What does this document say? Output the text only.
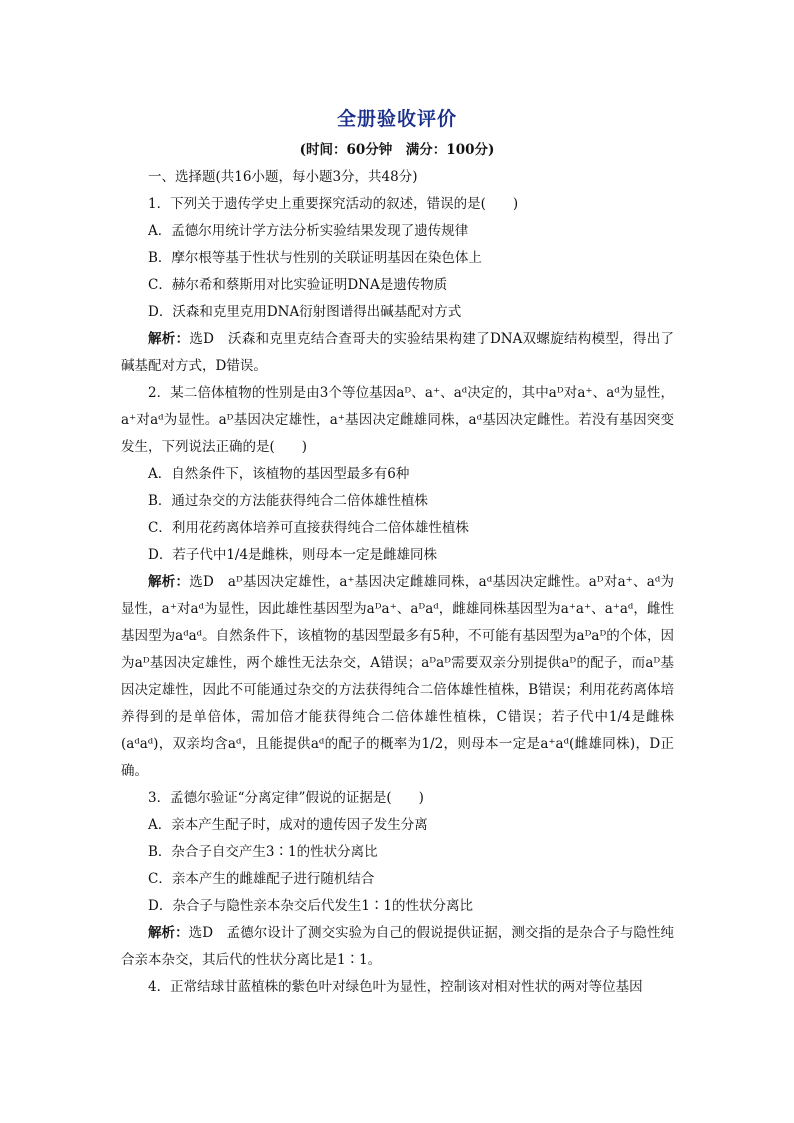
全册验收评价
(时间：60分钟　满分：100分)

一、选择题(共16小题，每小题3分，共48分)

1．下列关于遗传学史上重要探究活动的叙述，错误的是(　　)

A．孟德尔用统计学方法分析实验结果发现了遗传规律

B．摩尔根等基于性状与性别的关联证明基因在染色体上

C．赫尔希和蔡斯用对比实验证明DNA是遗传物质

D．沃森和克里克用DNA衍射图谱得出碱基配对方式

解析：选D　沃森和克里克结合查哥夫的实验结果构建了DNA双螺旋结构模型，得出了碱基配对方式，D错误。

2．某二倍体植物的性别是由3个等位基因aᴰ、a⁺、aᵈ决定的，其中aᴰ对a⁺、aᵈ为显性，a⁺对aᵈ为显性。aᴰ基因决定雄性，a⁺基因决定雌雄同株，aᵈ基因决定雌性。若没有基因突变发生，下列说法正确的是(　　)

A．自然条件下，该植物的基因型最多有6种

B．通过杂交的方法能获得纯合二倍体雄性植株

C．利用花药离体培养可直接获得纯合二倍体雄性植株

D．若子代中1/4是雌株，则母本一定是雌雄同株

解析：选D　aᴰ基因决定雄性，a⁺基因决定雌雄同株，aᵈ基因决定雌性。aᴰ对a⁺、aᵈ为显性，a⁺对aᵈ为显性，因此雄性基因型为aᴰa⁺、aᴰaᵈ，雌雄同株基因型为a⁺a⁺、a⁺aᵈ，雌性基因型为aᵈaᵈ。自然条件下，该植物的基因型最多有5种，不可能有基因型为aᴰaᴰ的个体，因为aᴰ基因决定雄性，两个雄性无法杂交，A错误；aᴰaᴰ需要双亲分别提供aᴰ的配子，而aᴰ基因决定雄性，因此不可能通过杂交的方法获得纯合二倍体雄性植株，B错误；利用花药离体培养得到的是单倍体，需加倍才能获得纯合二倍体雄性植株，C错误；若子代中1/4是雌株(aᵈaᵈ)，双亲均含aᵈ，且能提供aᵈ的配子的概率为1/2，则母本一定是a⁺aᵈ(雌雄同株)，D正确。

3．孟德尔验证“分离定律”假说的证据是(　　)

A．亲本产生配子时，成对的遗传因子发生分离

B．杂合子自交产生3∶1的性状分离比

C．亲本产生的雌雄配子进行随机结合

D．杂合子与隐性亲本杂交后代发生1∶1的性状分离比

解析：选D　孟德尔设计了测交实验为自己的假说提供证据，测交指的是杂合子与隐性纯合亲本杂交，其后代的性状分离比是1∶1。

4．正常结球甘蓝植株的紫色叶对绿色叶为显性，控制该对相对性状的两对等位基因
